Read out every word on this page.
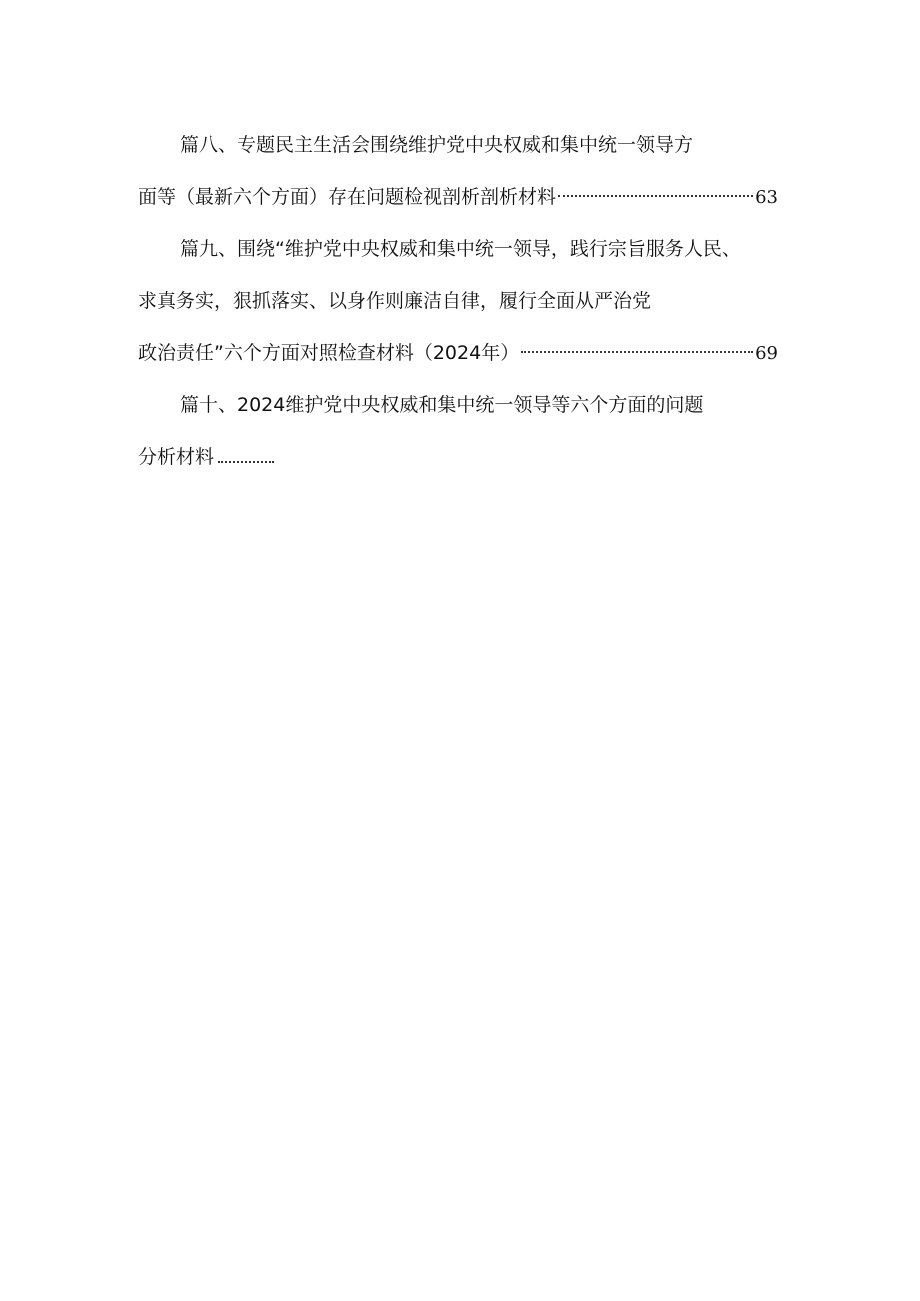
篇八、专题民主生活会围绕维护党中央权威和集中统一领导方
面等（最新六个方面）存在问题检视剖析剖析材料	63
篇九、围绕“维护党中央权威和集中统一领导，践行宗旨服务人民、
求真务实，狠抓落实、以身作则廉洁自律，履行全面从严治党
政治责任”六个方面对照检查材料（2024年）	69
篇十、2024维护党中央权威和集中统一领导等六个方面的问题
分析材料
